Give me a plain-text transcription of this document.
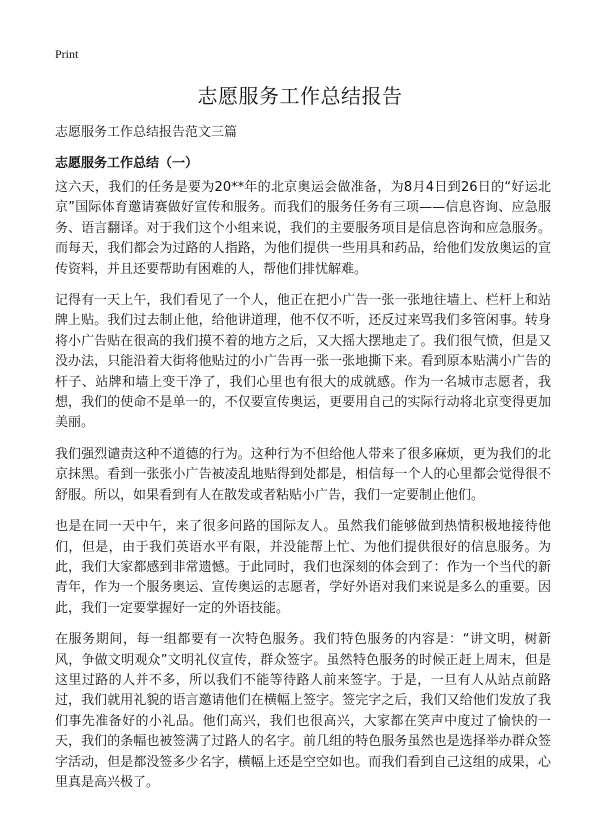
Print
志愿服务工作总结报告
志愿服务工作总结报告范文三篇
志愿服务工作总结（一）

这六天，我们的任务是要为20**年的北京奥运会做准备，为8月4日到26日的“好运北京”国际体育邀请赛做好宣传和服务。而我们的服务任务有三项——信息咨询、应急服务、语言翻译。对于我们这个小组来说，我们的主要服务项目是信息咨询和应急服务。而每天，我们都会为过路的人指路，为他们提供一些用具和药品，给他们发放奥运的宣传资料，并且还要帮助有困难的人，帮他们排忧解难。

记得有一天上午，我们看见了一个人，他正在把小广告一张一张地往墙上、栏杆上和站牌上贴。我们过去制止他，给他讲道理，他不仅不听，还反过来骂我们多管闲事。转身将小广告贴在很高的我们摸不着的地方之后，又大摇大摆地走了。我们很气愤，但是又没办法，只能沿着大街将他贴过的小广告再一张一张地撕下来。看到原本贴满小广告的杆子、站牌和墙上变干净了，我们心里也有很大的成就感。作为一名城市志愿者，我想，我们的使命不是单一的，不仅要宣传奥运，更要用自己的实际行动将北京变得更加美丽。

我们强烈谴责这种不道德的行为。这种行为不但给他人带来了很多麻烦，更为我们的北京抹黑。看到一张张小广告被凌乱地贴得到处都是，相信每一个人的心里都会觉得很不舒服。所以，如果看到有人在散发或者粘贴小广告，我们一定要制止他们。

也是在同一天中午，来了很多问路的国际友人。虽然我们能够做到热情积极地接待他们，但是，由于我们英语水平有限，并没能帮上忙、为他们提供很好的信息服务。为此，我们大家都感到非常遗憾。于此同时，我们也深刻的体会到了：作为一个当代的新青年，作为一个服务奥运、宣传奥运的志愿者，学好外语对我们来说是多么的重要。因此，我们一定要掌握好一定的外语技能。

在服务期间，每一组都要有一次特色服务。我们特色服务的内容是：“讲文明，树新风，争做文明观众”文明礼仪宣传，群众签字。虽然特色服务的时候正赶上周末，但是这里过路的人并不多，所以我们不能等待路人前来签字。于是，一旦有人从站点前路过，我们就用礼貌的语言邀请他们在横幅上签字。签完字之后，我们又给他们发放了我们事先准备好的小礼品。他们高兴，我们也很高兴，大家都在笑声中度过了愉快的一天，我们的条幅也被签满了过路人的名字。前几组的特色服务虽然也是选择举办群众签字活动，但是都没签多少名字，横幅上还是空空如也。而我们看到自己这组的成果，心里真是高兴极了。
